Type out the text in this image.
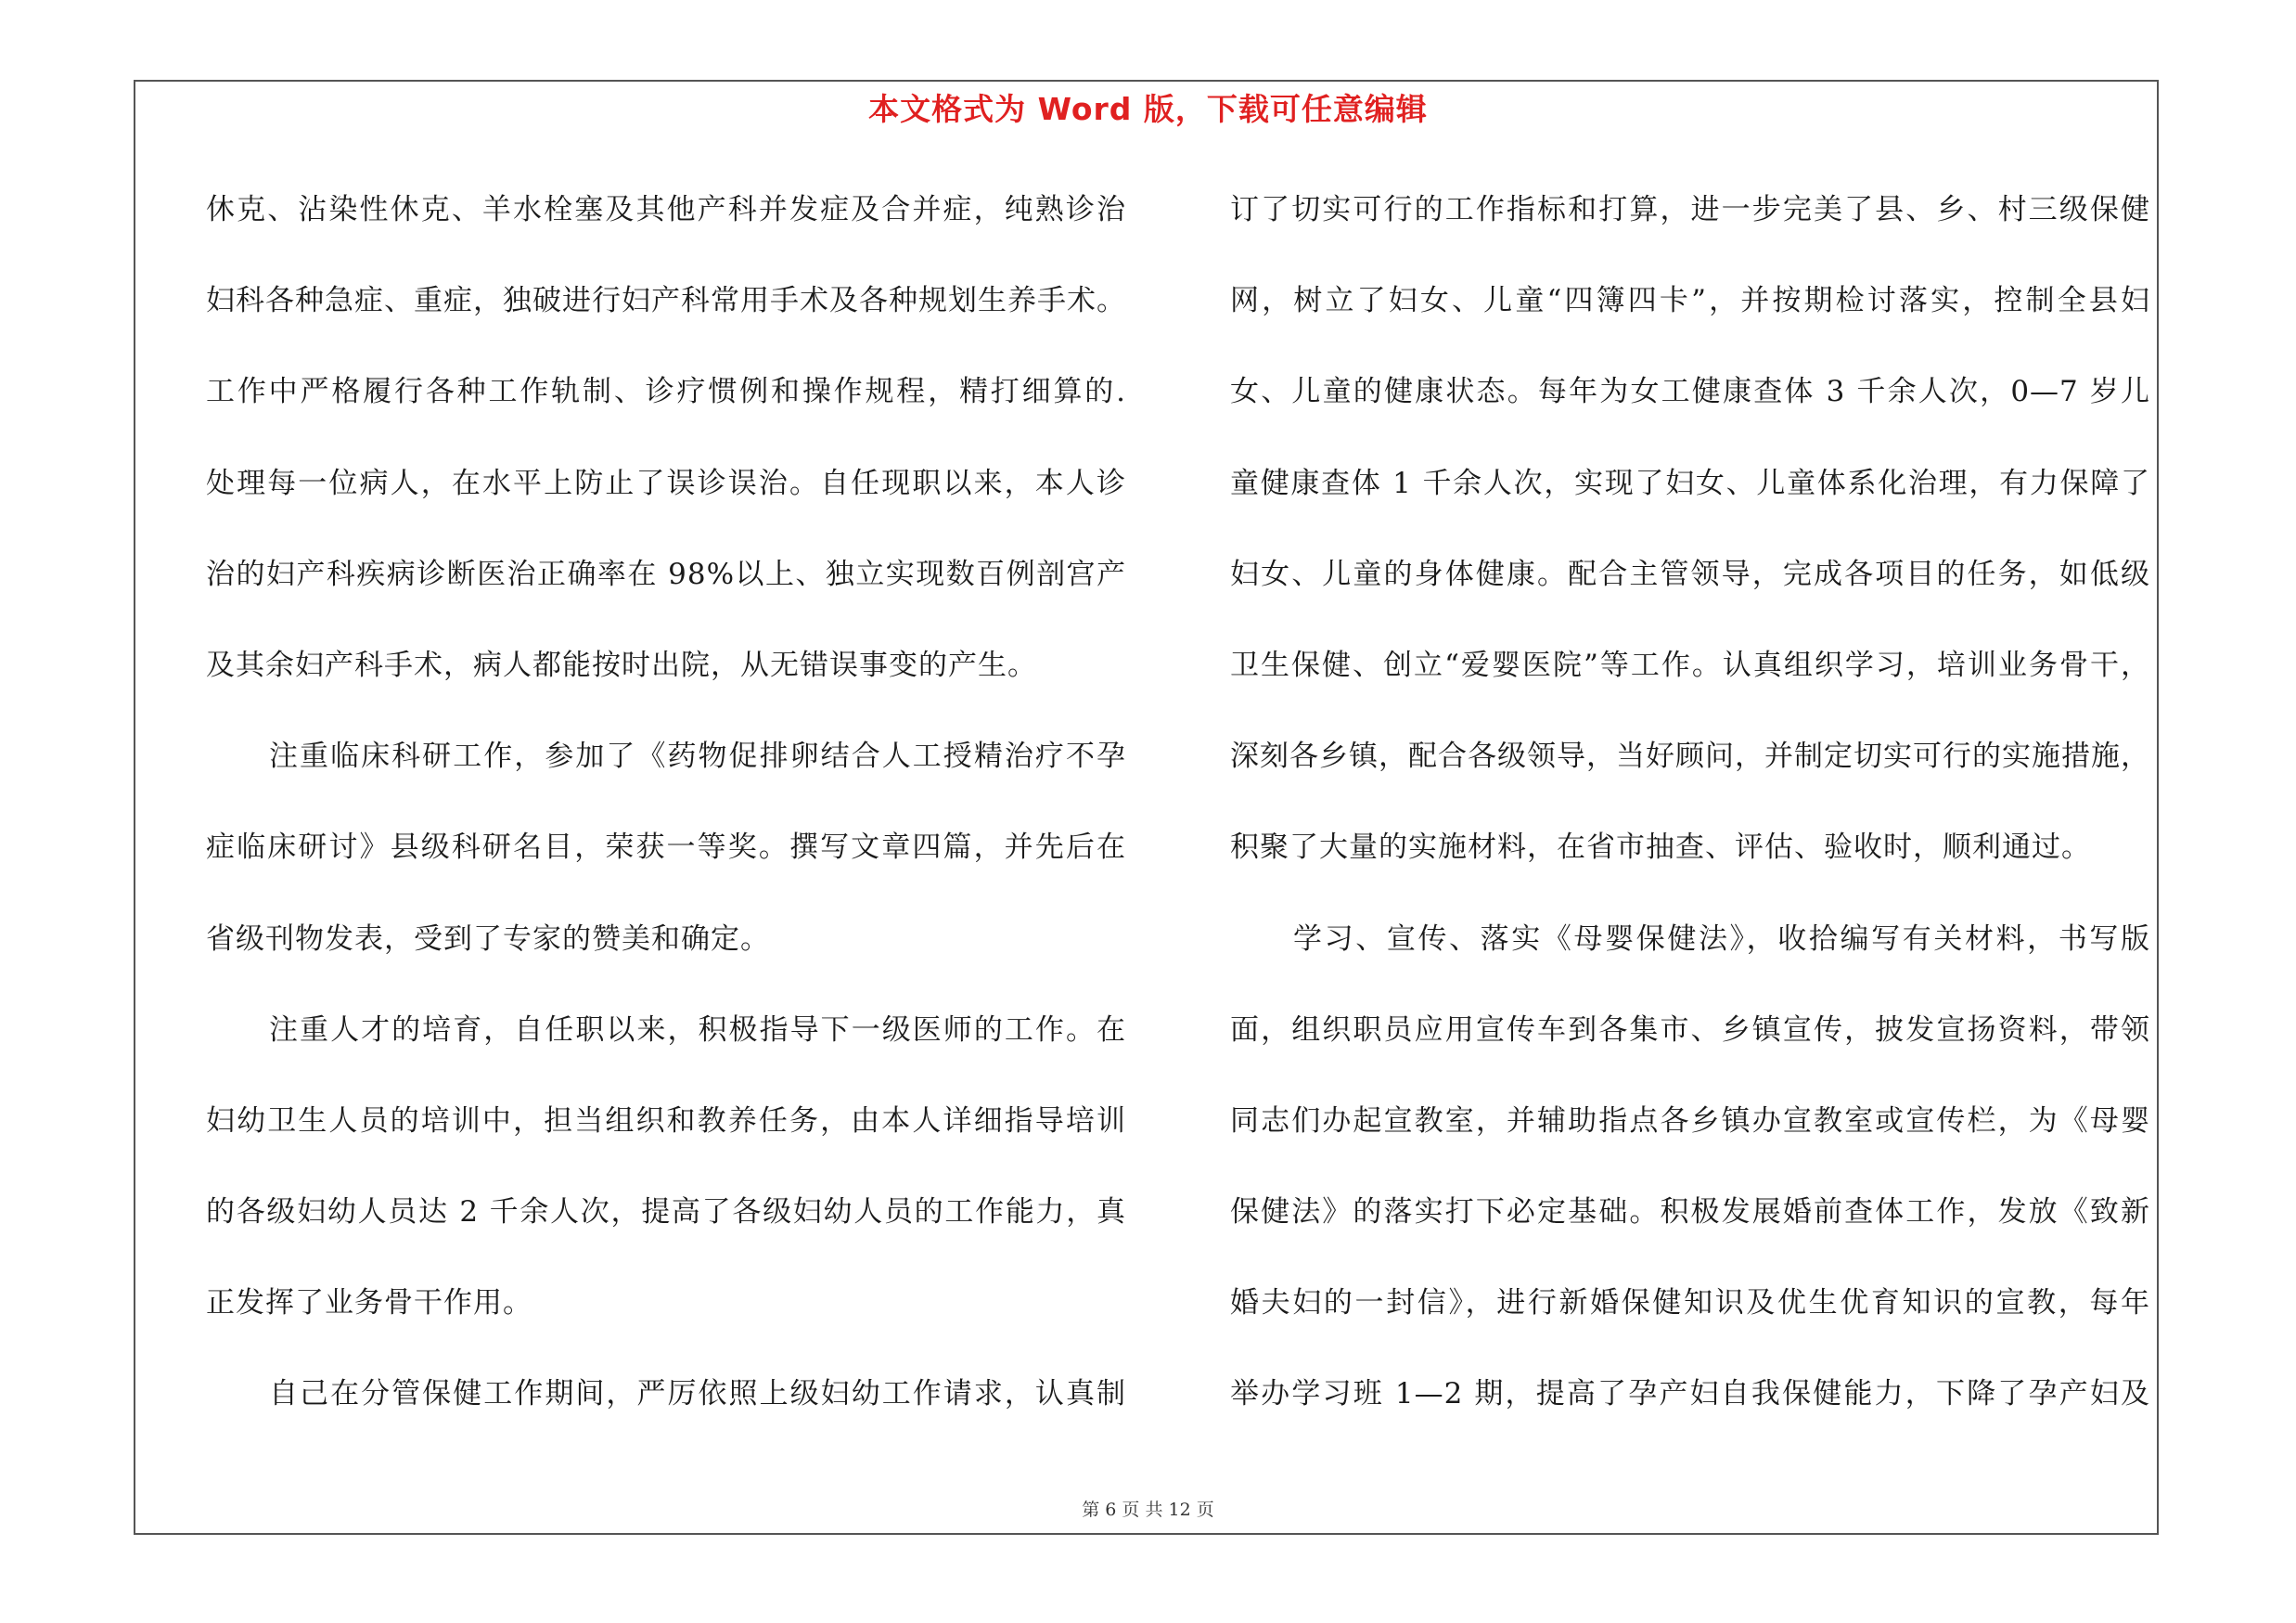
本文格式为 Word 版，下载可任意编辑
休克、沾染性休克、羊水栓塞及其他产科并发症及合并症，纯熟诊治
妇科各种急症、重症，独破进行妇产科常用手术及各种规划生养手术。
工作中严格履行各种工作轨制、诊疗惯例和操作规程，精打细算的.
处理每一位病人，在水平上防止了误诊误治。自任现职以来，本人诊
治的妇产科疾病诊断医治正确率在 98%以上、独立实现数百例剖宫产
及其余妇产科手术，病人都能按时出院，从无错误事变的产生。
注重临床科研工作，参加了《药物促排卵结合人工授精治疗不孕
症临床研讨》县级科研名目，荣获一等奖。撰写文章四篇，并先后在
省级刊物发表，受到了专家的赞美和确定。
注重人才的培育，自任职以来，积极指导下一级医师的工作。在
妇幼卫生人员的培训中，担当组织和教养任务，由本人详细指导培训
的各级妇幼人员达 2 千余人次，提高了各级妇幼人员的工作能力，真
正发挥了业务骨干作用。
自己在分管保健工作期间，严厉依照上级妇幼工作请求，认真制
订了切实可行的工作指标和打算，进一步完美了县、乡、村三级保健
网，树立了妇女、儿童“四簿四卡”，并按期检讨落实，控制全县妇
女、儿童的健康状态。每年为女工健康查体 3 千余人次，0—7 岁儿
童健康查体 1 千余人次，实现了妇女、儿童体系化治理，有力保障了
妇女、儿童的身体健康。配合主管领导，完成各项目的任务，如低级
卫生保健、创立“爱婴医院”等工作。认真组织学习，培训业务骨干，
深刻各乡镇，配合各级领导，当好顾问，并制定切实可行的实施措施，
积聚了大量的实施材料，在省市抽查、评估、验收时，顺利通过。
学习、宣传、落实《母婴保健法》，收拾编写有关材料，书写版
面，组织职员应用宣传车到各集市、乡镇宣传，披发宣扬资料，带领
同志们办起宣教室，并辅助指点各乡镇办宣教室或宣传栏，为《母婴
保健法》的落实打下必定基础。积极发展婚前查体工作，发放《致新
婚夫妇的一封信》，进行新婚保健知识及优生优育知识的宣教，每年
举办学习班 1—2 期，提高了孕产妇自我保健能力，下降了孕产妇及
第 6 页 共 12 页
